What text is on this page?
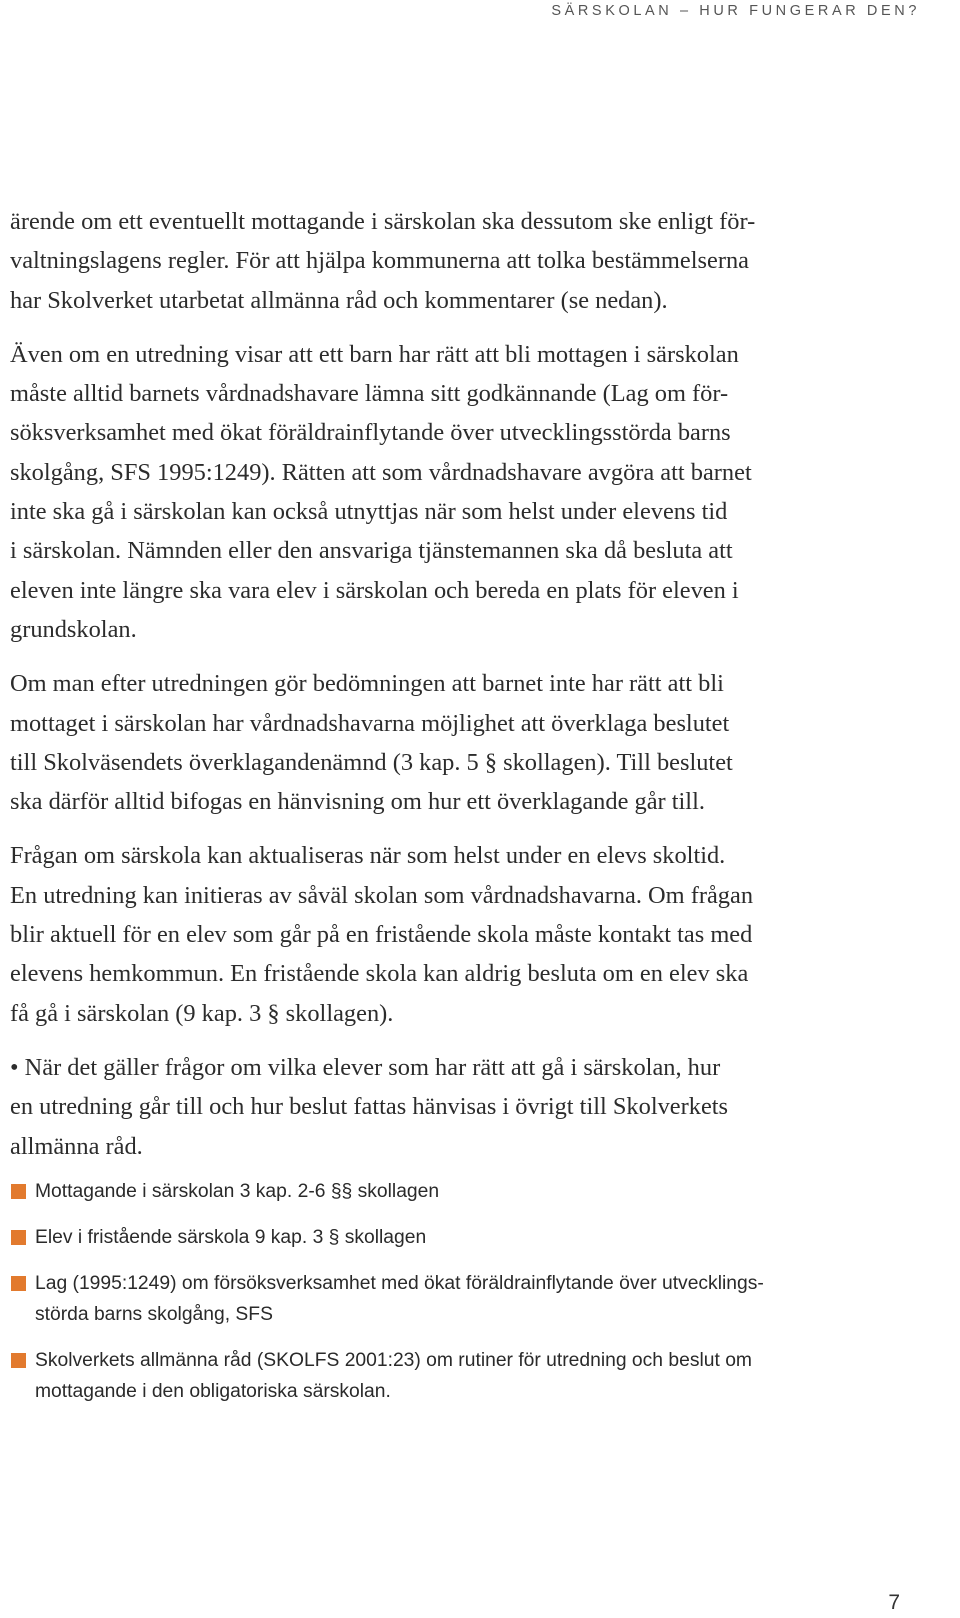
SÄRSKOLAN – HUR FUNGERAR DEN?
ärende om ett eventuellt mottagande i särskolan ska dessutom ske enligt för-
valtningslagens regler. För att hjälpa kommunerna att tolka bestämmelserna
har Skolverket utarbetat allmänna råd och kommentarer (se nedan).
Även om en utredning visar att ett barn har rätt att bli mottagen i särskolan
måste alltid barnets vårdnadshavare lämna sitt godkännande (Lag om för-
söksverksamhet med ökat föräldrainflytande över utvecklingsstörda barns
skolgång, SFS 1995:1249). Rätten att som vårdnadshavare avgöra att barnet
inte ska gå i särskolan kan också utnyttjas när som helst under elevens tid
i särskolan. Nämnden eller den ansvariga tjänstemannen ska då besluta att
eleven inte längre ska vara elev i särskolan och bereda en plats för eleven i
grundskolan.
Om man efter utredningen gör bedömningen att barnet inte har rätt att bli
mottaget i särskolan har vårdnadshavarna möjlighet att överklaga beslutet
till Skolväsendets överklagandenämnd (3 kap. 5 § skollagen). Till beslutet
ska därför alltid bifogas en hänvisning om hur ett överklagande går till.
Frågan om särskola kan aktualiseras när som helst under en elevs skoltid.
En utredning kan initieras av såväl skolan som vårdnadshavarna. Om frågan
blir aktuell för en elev som går på en fristående skola måste kontakt tas med
elevens hemkommun. En fristående skola kan aldrig besluta om en elev ska
få gå i särskolan (9 kap. 3 § skollagen).
• När det gäller frågor om vilka elever som har rätt att gå i särskolan, hur
en utredning går till och hur beslut fattas hänvisas i övrigt till Skolverkets
allmänna råd.
Mottagande i särskolan 3 kap. 2-6 §§ skollagen
Elev i fristående särskola 9 kap. 3 § skollagen
Lag (1995:1249) om försöksverksamhet med ökat föräldrainflytande över utvecklings-
störda barns skolgång, SFS
Skolverkets allmänna råd (SKOLFS 2001:23) om rutiner för utredning och beslut om
mottagande i den obligatoriska särskolan.
7
